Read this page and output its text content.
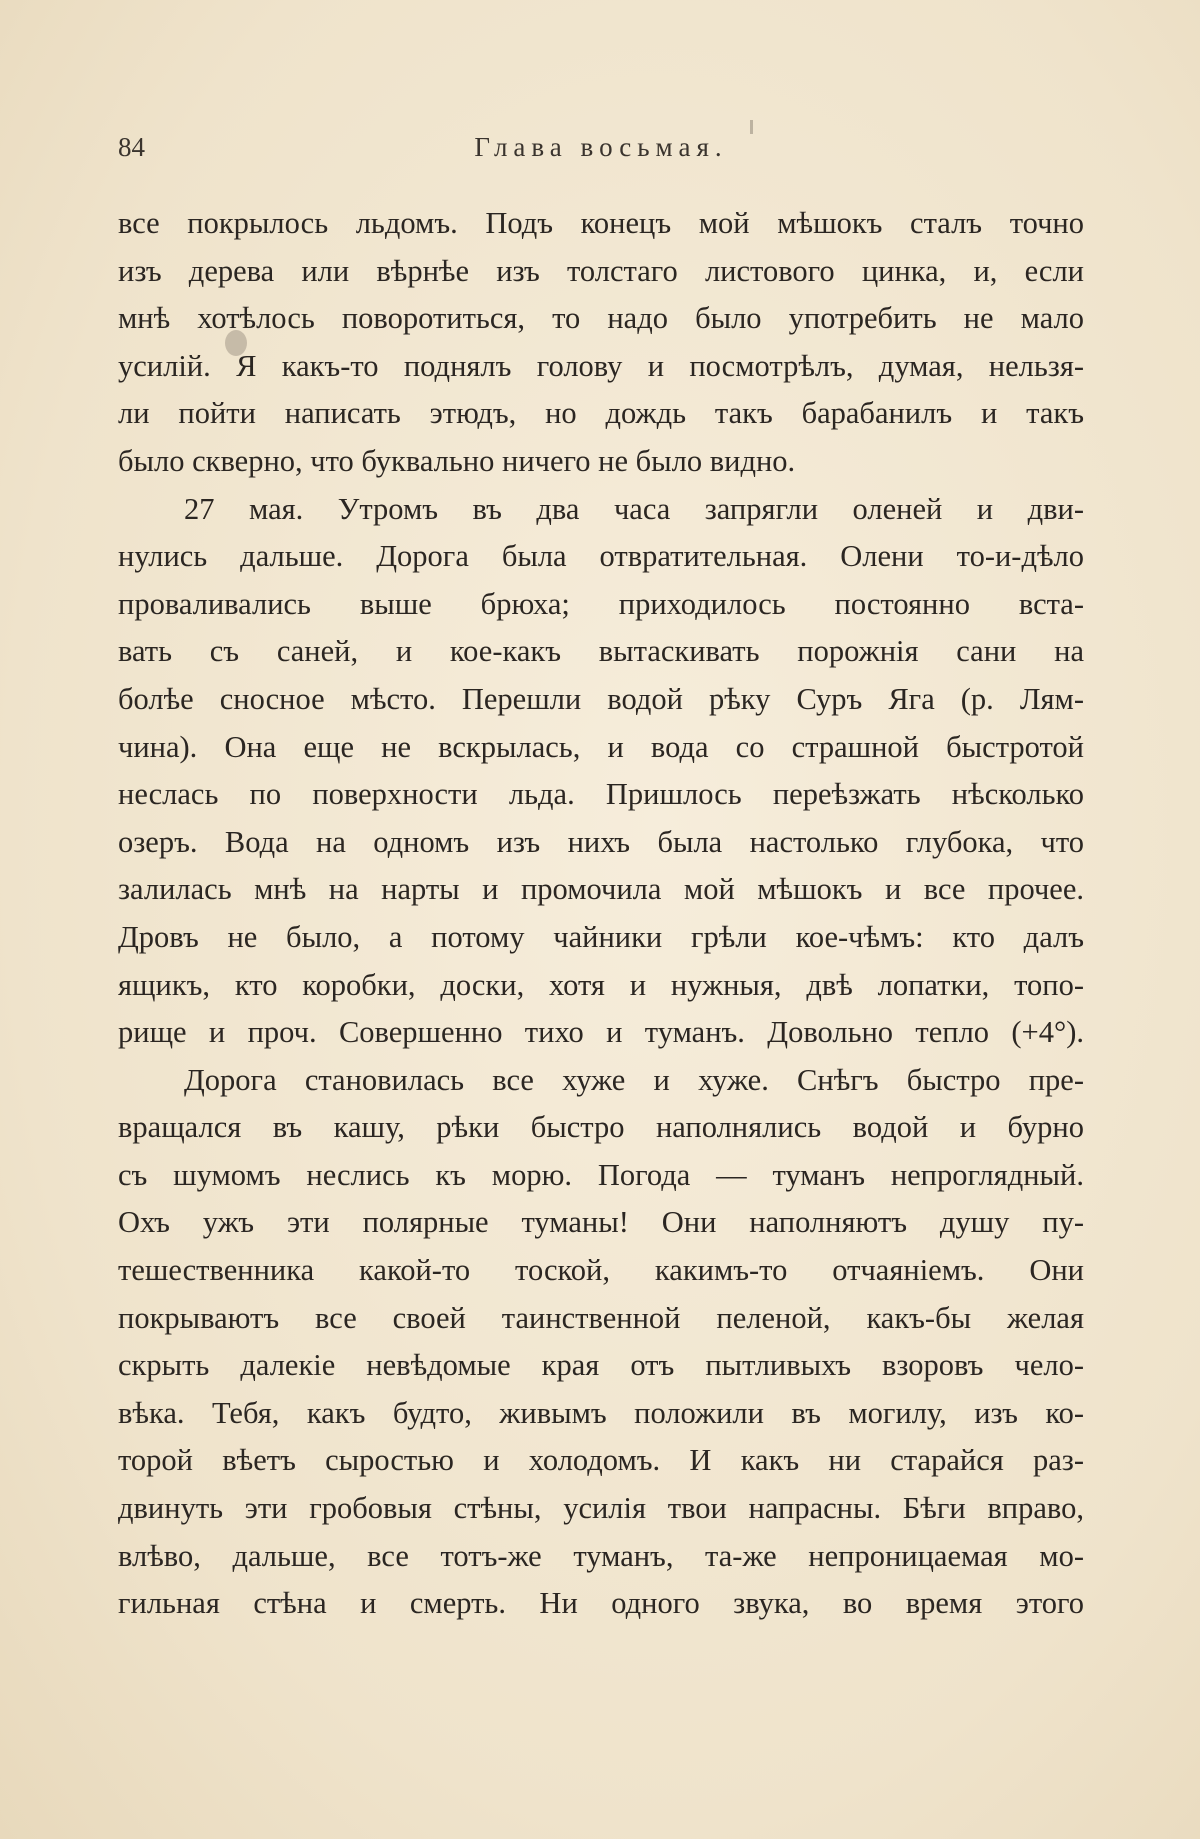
84	Глава восьмая.
все покрылось льдомъ. Подъ конецъ мой мѣшокъ сталъ точно
изъ дерева или вѣрнѣе изъ толстаго листового цинка, и, если
мнѣ хотѣлось поворотиться, то надо было употребить не мало
усилій. Я какъ-то поднялъ голову и посмотрѣлъ, думая, нельзя-
ли пойти написать этюдъ, но дождь такъ барабанилъ и такъ
было скверно, что буквально ничего не было видно.
27 мая. Утромъ въ два часа запрягли оленей и дви-
нулись дальше. Дорога была отвратительная. Олени то-и-дѣло
проваливались выше брюха; приходилось постоянно вста-
вать съ саней, и кое-какъ вытаскивать порожнія сани на
болѣе сносное мѣсто. Перешли водой рѣку Суръ Яга (р. Лям-
чина). Она еще не вскрылась, и вода со страшной быстротой
неслась по поверхности льда. Пришлось переѣзжать нѣсколько
озеръ. Вода на одномъ изъ нихъ была настолько глубока, что
залилась мнѣ на нарты и промочила мой мѣшокъ и все прочее.
Дровъ не было, а потому чайники грѣли кое-чѣмъ: кто далъ
ящикъ, кто коробки, доски, хотя и нужныя, двѣ лопатки, топо-
рище и проч. Совершенно тихо и туманъ. Довольно тепло (+4°).
Дорога становилась все хуже и хуже. Снѣгъ быстро пре-
вращался въ кашу, рѣки быстро наполнялись водой и бурно
съ шумомъ неслись къ морю. Погода — туманъ непроглядный.
Охъ ужъ эти полярные туманы! Они наполняютъ душу пу-
тешественника какой-то тоской, какимъ-то отчаяніемъ. Они
покрываютъ все своей таинственной пеленой, какъ-бы желая
скрыть далекіе невѣдомые края отъ пытливыхъ взоровъ чело-
вѣка. Тебя, какъ будто, живымъ положили въ могилу, изъ ко-
торой вѣетъ сыростью и холодомъ. И какъ ни старайся раз-
двинуть эти гробовыя стѣны, усилія твои напрасны. Бѣги вправо,
влѣво, дальше, все тотъ-же туманъ, та-же непроницаемая мо-
гильная стѣна и смерть. Ни одного звука, во время этого
